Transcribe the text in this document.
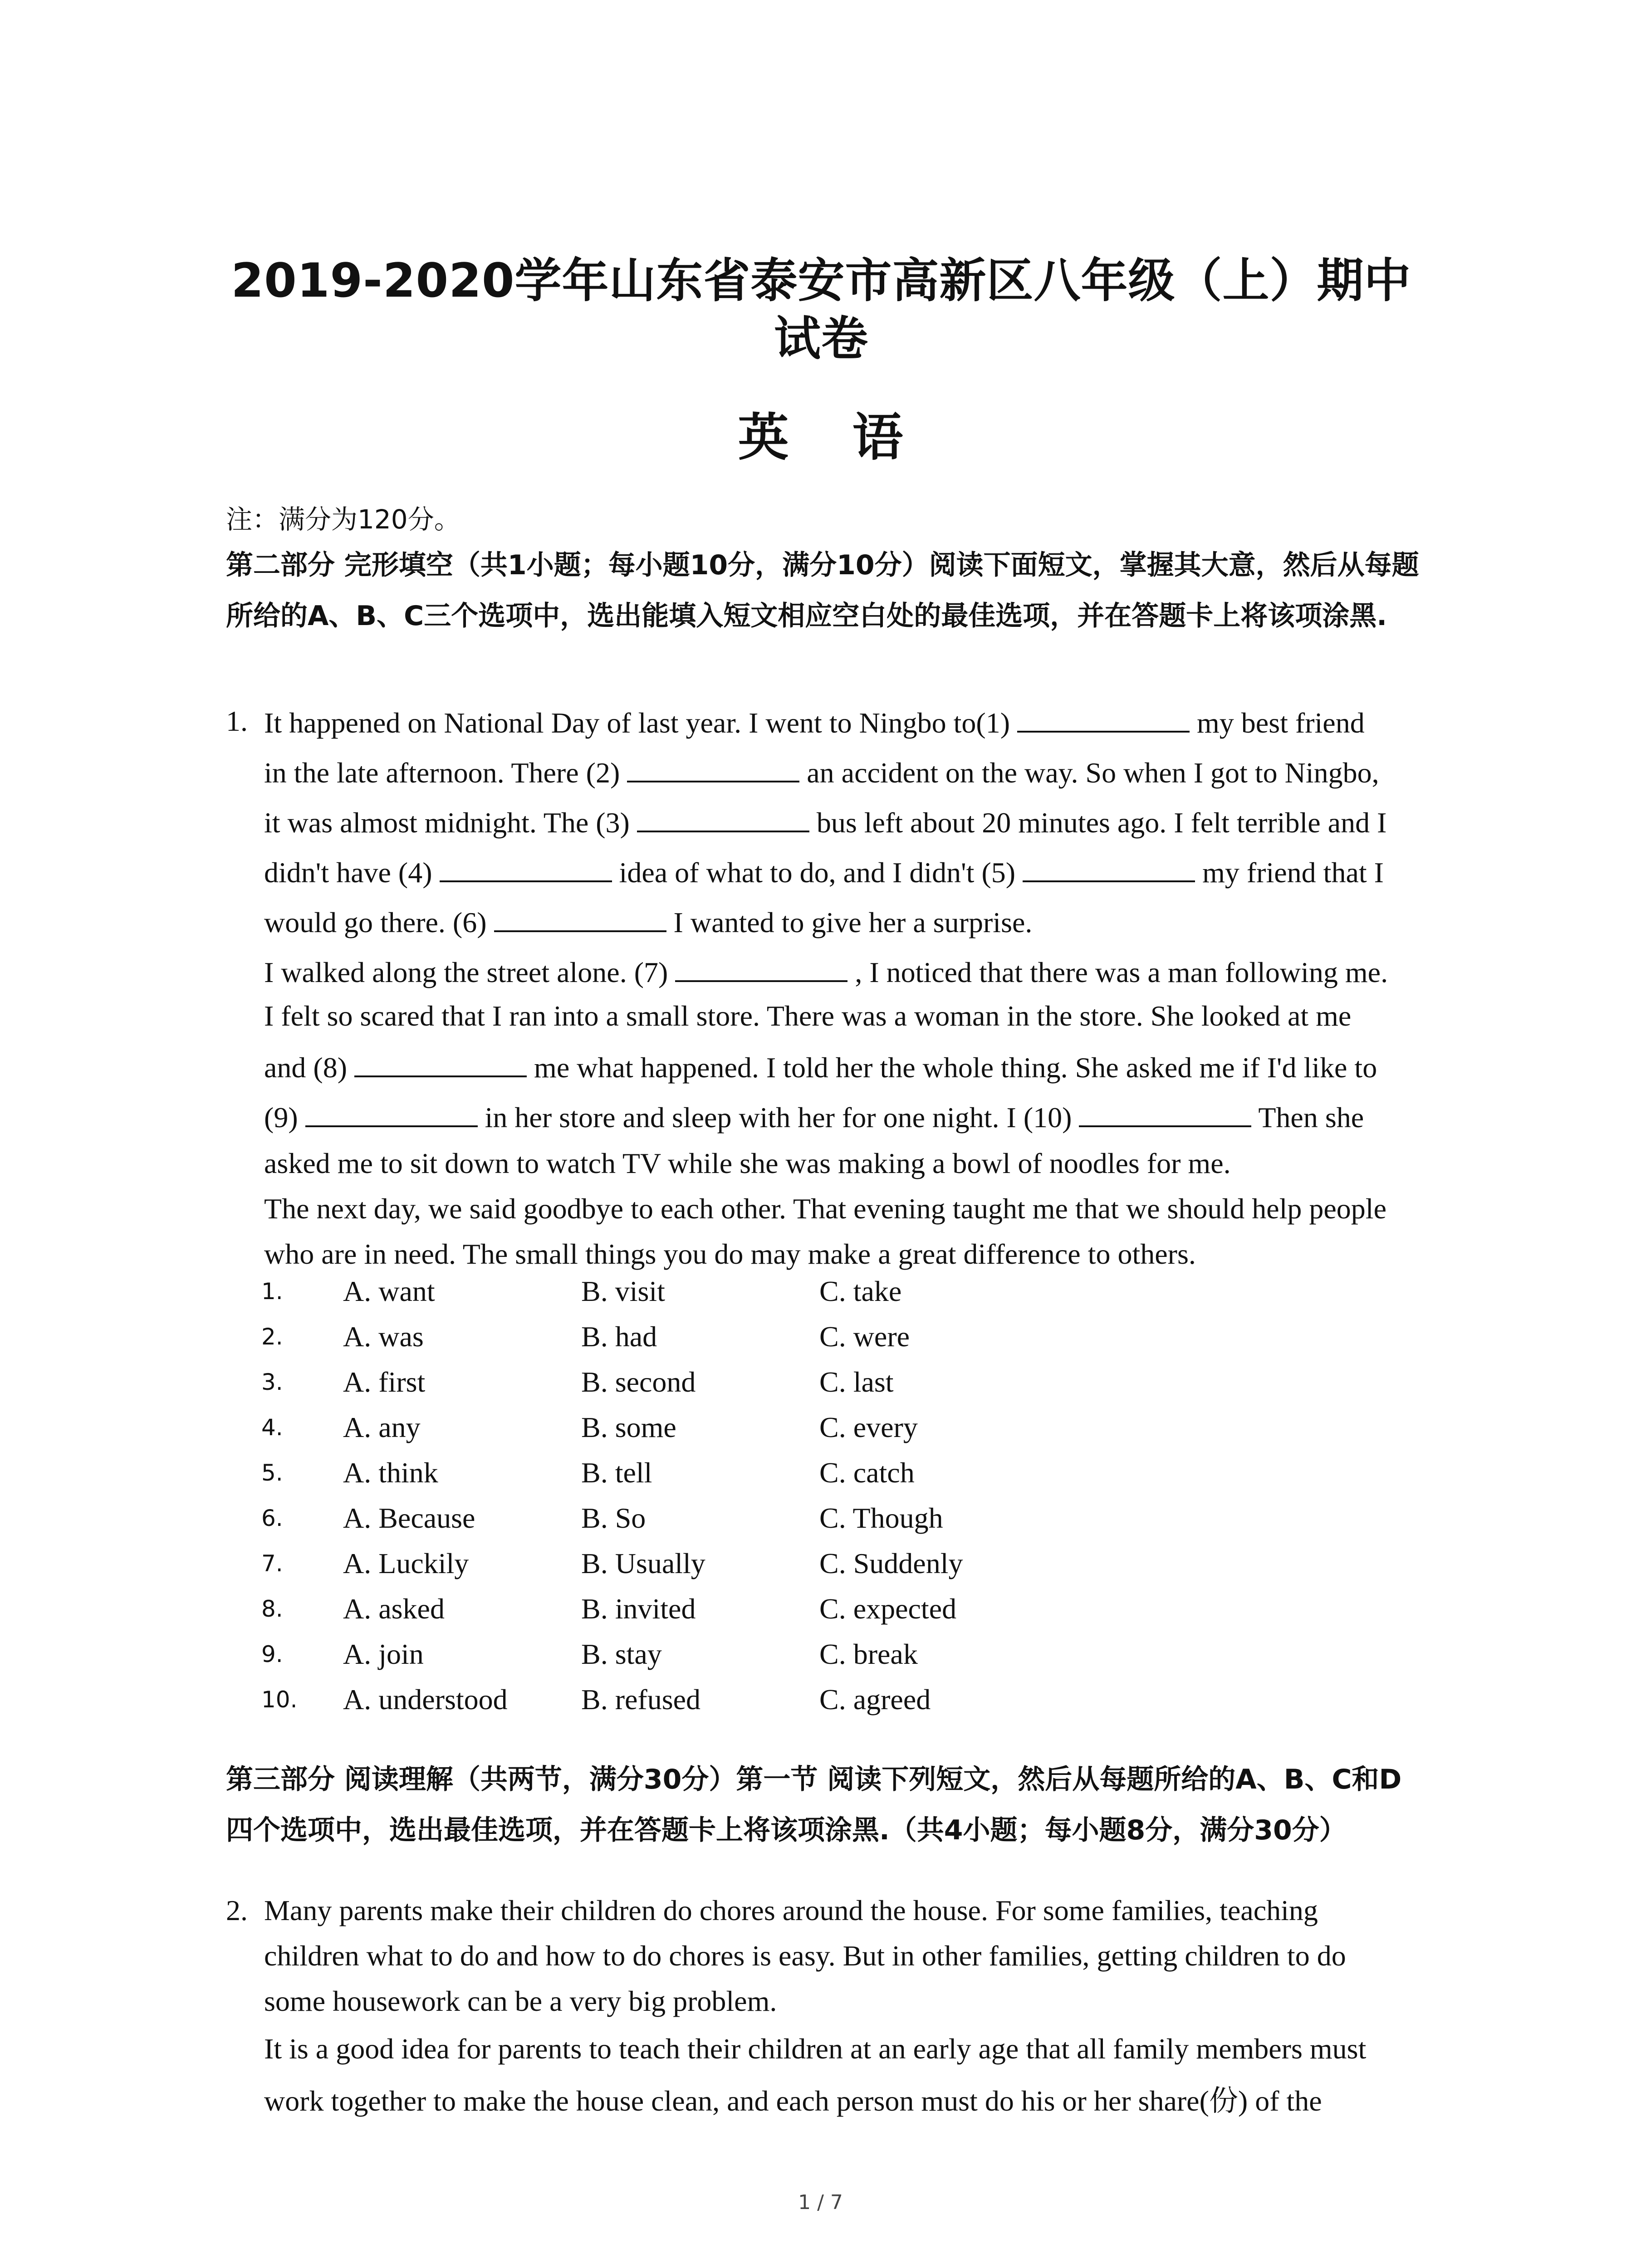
2019-2020学年山东省泰安市高新区八年级（上）期中试卷
英 语
注：满分为120分。
第二部分 完形填空（共1小题；每小题10分，满分10分）阅读下面短文，掌握其大意，然后从每题所给的A、B、C三个选项中，选出能填入短文相应空白处的最佳选项，并在答题卡上将该项涂黑.
1. It happened on National Day of last year. I went to Ningbo to(1)	my best friend
in the late afternoon. There (2)	an accident on the way. So when I got to Ningbo,
it was almost midnight. The (3)	bus left about 20 minutes ago. I felt terrible and I
didn't have (4)	idea of what to do, and I didn't (5)	my friend that I
would go there. (6)	I wanted to give her a surprise.
I walked along the street alone. (7)	, I noticed that there was a man following me.
I felt so scared that I ran into a small store. There was a woman in the store. She looked at me
and (8)	me what happened. I told her the whole thing. She asked me if I'd like to
(9)	in her store and sleep with her for one night. I (10)	Then she
asked me to sit down to watch TV while she was making a bowl of noodles for me.
The next day, we said goodbye to each other. That evening taught me that we should help people
who are in need. The small things you do may make a great difference to others.
1. A. want	B. visit	C. take
2. A. was	B. had	C. were
3. A. first	B. second	C. last
4. A. any	B. some	C. every
5. A. think	B. tell	C. catch
6. A. Because	B. So	C. Though
7. A. Luckily	B. Usually	C. Suddenly
8. A. asked	B. invited	C. expected
9. A. join	B. stay	C. break
10. A. understood	B. refused	C. agreed
第三部分 阅读理解（共两节，满分30分）第一节 阅读下列短文，然后从每题所给的A、B、C和D四个选项中，选出最佳选项，并在答题卡上将该项涂黑.（共4小题；每小题8分，满分30分）
2. Many parents make their children do chores around the house. For some families, teaching
children what to do and how to do chores is easy. But in other families, getting children to do
some housework can be a very big problem.
It is a good idea for parents to teach their children at an early age that all family members must
work together to make the house clean, and each person must do his or her share(份) of the
1 / 7
